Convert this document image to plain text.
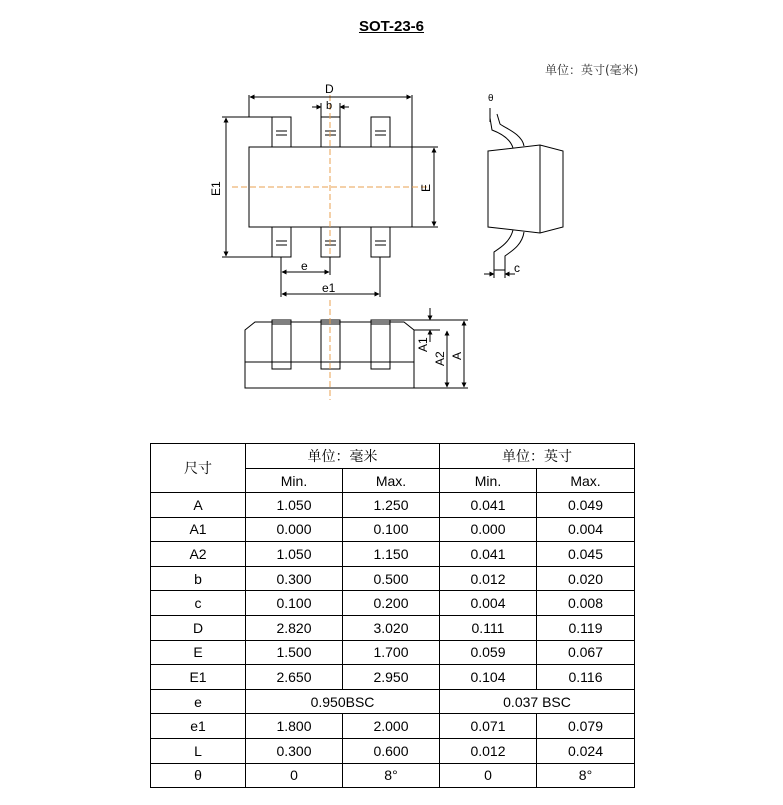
SOT-23-6
单位：英寸(毫米)
D
b
E1	E
e
e1
θ
c
A1
A2 A
尺寸	单位：毫米		单位：英寸	
	Min.	Max.	Min.	Max.
A	1.050	1.250	0.041	0.049
A1	0.000	0.100	0.000	0.004
A2	1.050	1.150	0.041	0.045
b	0.300	0.500	0.012	0.020
c	0.100	0.200	0.004	0.008
D	2.820	3.020	0.111	0.119
E	1.500	1.700	0.059	0.067
E1	2.650	2.950	0.104	0.116
e	0.950BSC		0.037 BSC	
e1	1.800	2.000	0.071	0.079
L	0.300	0.600	0.012	0.024
θ	0	8°	0	8°
